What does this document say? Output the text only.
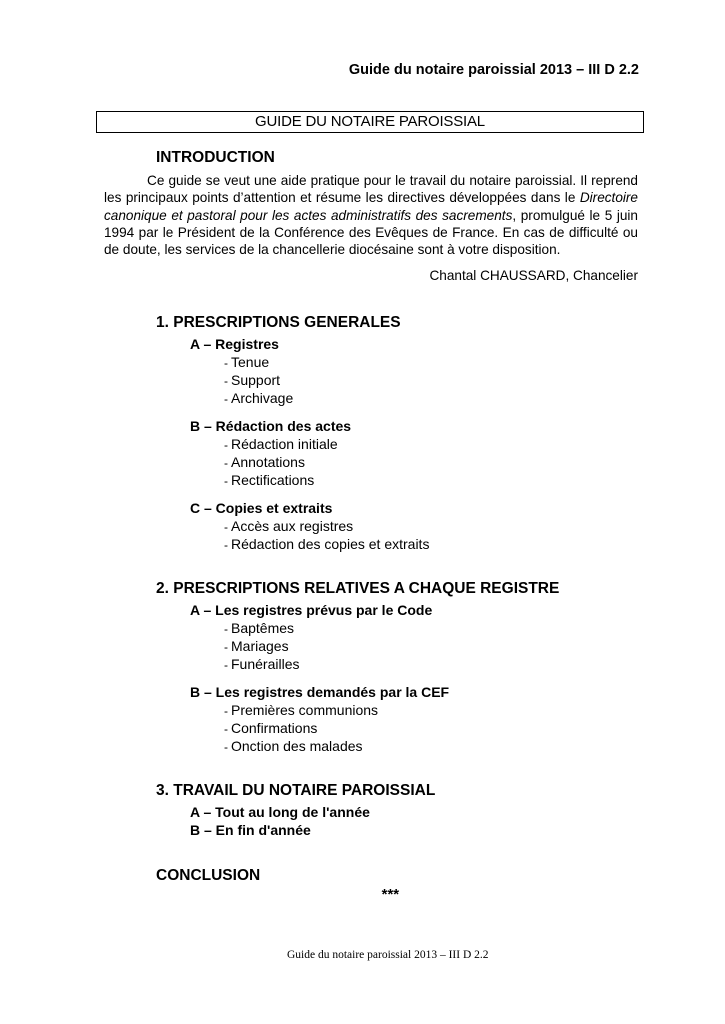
Guide du notaire paroissial 2013 – III D 2.2
GUIDE DU NOTAIRE PAROISSIAL
INTRODUCTION
Ce guide se veut une aide pratique pour le travail du notaire paroissial. Il reprend les principaux points d’attention et résume les directives développées dans le Directoire canonique et pastoral pour les actes administratifs des sacrements, promulgué le 5 juin 1994 par le Président de la Conférence des Evêques de France. En cas de difficulté ou de doute, les services de la chancellerie diocésaine sont à votre disposition.
Chantal CHAUSSARD, Chancelier
1. PRESCRIPTIONS GENERALES
A – Registres
- Tenue
- Support
- Archivage
B – Rédaction des actes
- Rédaction initiale
- Annotations
- Rectifications
C – Copies et extraits
- Accès aux registres
- Rédaction des copies et extraits
2. PRESCRIPTIONS RELATIVES A CHAQUE REGISTRE
A – Les registres prévus par le Code
- Baptêmes
- Mariages
- Funérailles
B – Les registres demandés par la CEF
- Premières communions
- Confirmations
- Onction des malades
3. TRAVAIL DU NOTAIRE PAROISSIAL
A – Tout au long de l'année
B – En fin d'année
CONCLUSION
***
Guide du notaire paroissial 2013 – III D 2.2
